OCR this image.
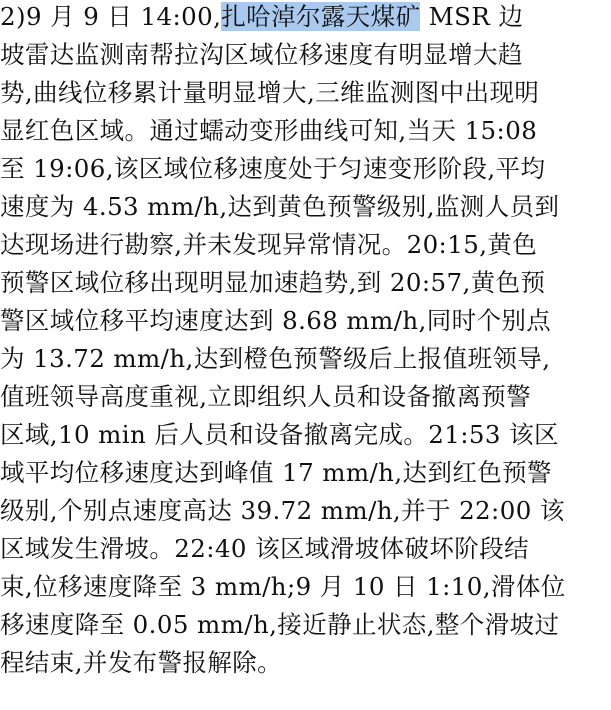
2)9 月 9 日 14:00,扎哈淖尔露天煤矿 MSR 边
坡雷达监测南帮拉沟区域位移速度有明显增大趋
势,曲线位移累计量明显增大,三维监测图中出现明
显红色区域。通过蠕动变形曲线可知,当天 15:08
至 19:06,该区域位移速度处于匀速变形阶段,平均
速度为 4.53 mm/h,达到黄色预警级别,监测人员到
达现场进行勘察,并未发现异常情况。20:15,黄色
预警区域位移出现明显加速趋势,到 20:57,黄色预
警区域位移平均速度达到 8.68 mm/h,同时个别点
为 13.72 mm/h,达到橙色预警级后上报值班领导,
值班领导高度重视,立即组织人员和设备撤离预警
区域,10 min 后人员和设备撤离完成。21:53 该区
域平均位移速度达到峰值 17 mm/h,达到红色预警
级别,个别点速度高达 39.72 mm/h,并于 22:00 该
区域发生滑坡。22:40 该区域滑坡体破坏阶段结
束,位移速度降至 3 mm/h;9 月 10 日 1:10,滑体位
移速度降至 0.05 mm/h,接近静止状态,整个滑坡过
程结束,并发布警报解除。
